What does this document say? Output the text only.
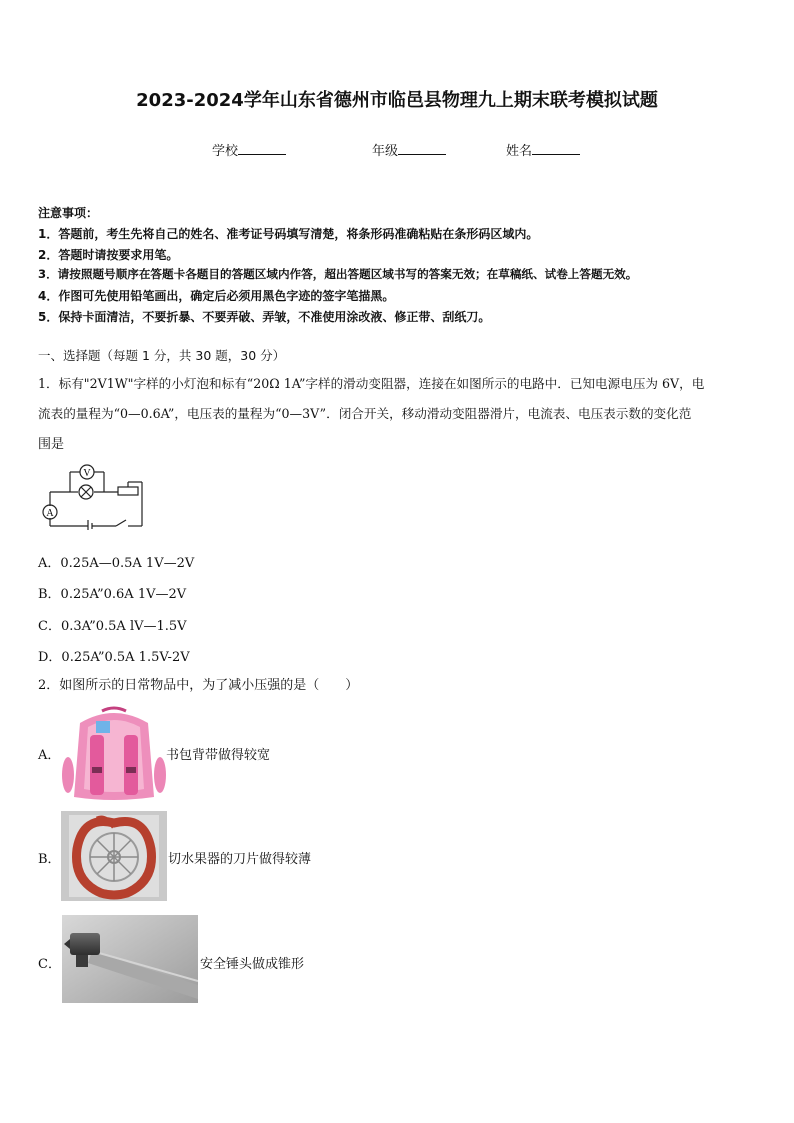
2023-2024学年山东省德州市临邑县物理九上期末联考模拟试题
学校	年级	姓名
注意事项：
1．答题前，考生先将自己的姓名、准考证号码填写清楚，将条形码准确粘贴在条形码区域内。
2．答题时请按要求用笔。
3．请按照题号顺序在答题卡各题目的答题区域内作答，超出答题区域书写的答案无效；在草稿纸、试卷上答题无效。
4．作图可先使用铅笔画出，确定后必须用黑色字迹的签字笔描黑。
5．保持卡面清洁，不要折暴、不要弄破、弄皱，不准使用涂改液、修正带、刮纸刀。
一、选择题（每题 1 分，共 30 题，30 分）
1．标有"2V1W"字样的小灯泡和标有“20Ω 1A”字样的滑动变阻器，连接在如图所示的电路中．已知电源电压为 6V，电
流表的量程为“0—0.6A”，电压表的量程为“0—3V”．闭合开关，移动滑动变阻器滑片，电流表、电压表示数的变化范
围是
V
A
A．0.25A—0.5A 1V—2V
B．0.25A”0.6A 1V—2V
C．0.3A”0.5A lV—1.5V
D．0.25A”0.5A 1.5V-2V
2．如图所示的日常物品中，为了减小压强的是（　　）
A．	书包背带做得较宽
B．	切水果器的刀片做得较薄
C．	安全锤头做成锥形
